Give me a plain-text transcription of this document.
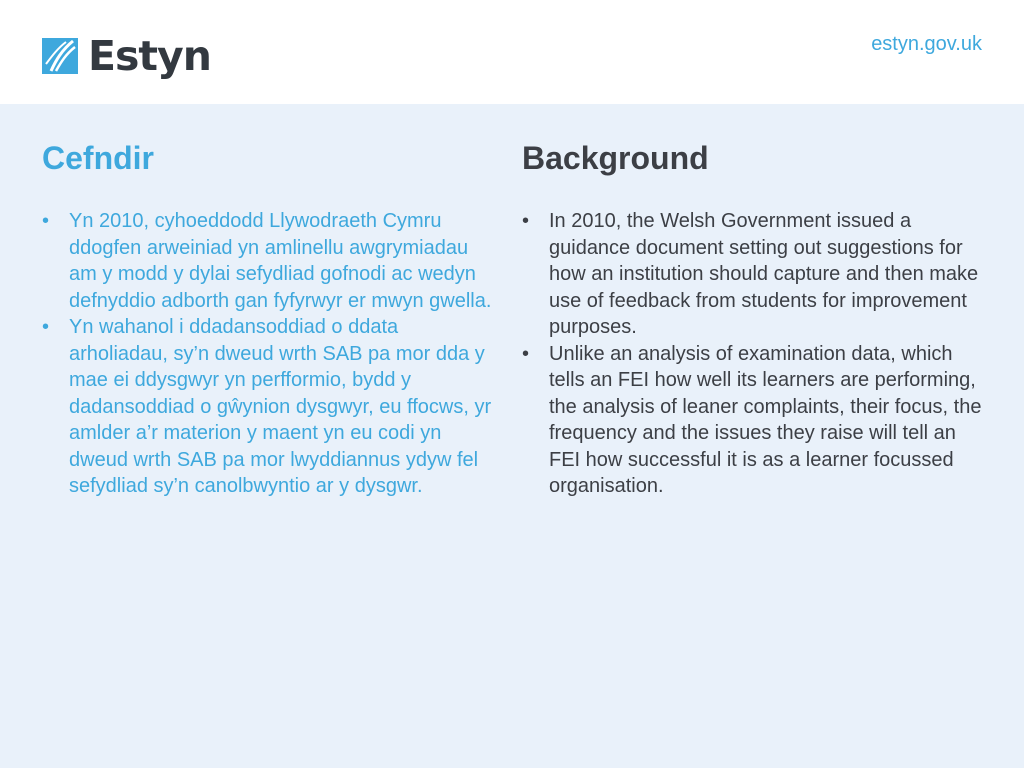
Estyn	estyn.gov.uk
Cefndir
• Yn 2010, cyhoeddodd Llywodraeth Cymru ddogfen arweiniad yn amlinellu awgrymiadau am y modd y dylai sefydliad gofnodi ac wedyn defnyddio adborth gan fyfyrwyr er mwyn gwella.
• Yn wahanol i ddadansoddiad o ddata arholiadau, sy’n dweud wrth SAB pa mor dda y mae ei ddysgwyr yn perfformio, bydd y dadansoddiad o gŵynion dysgwyr, eu ffocws, yr amlder a’r materion y maent yn eu codi yn dweud wrth SAB pa mor lwyddiannus ydyw fel sefydliad sy’n canolbwyntio ar y dysgwr.
Background
• In 2010, the Welsh Government issued a guidance document setting out suggestions for how an institution should capture and then make use of feedback from students for improvement purposes.
• Unlike an analysis of examination data, which tells an FEI how well its learners are performing, the analysis of leaner complaints, their focus, the frequency and the issues they raise will tell an FEI how successful it is as a learner focussed organisation.
